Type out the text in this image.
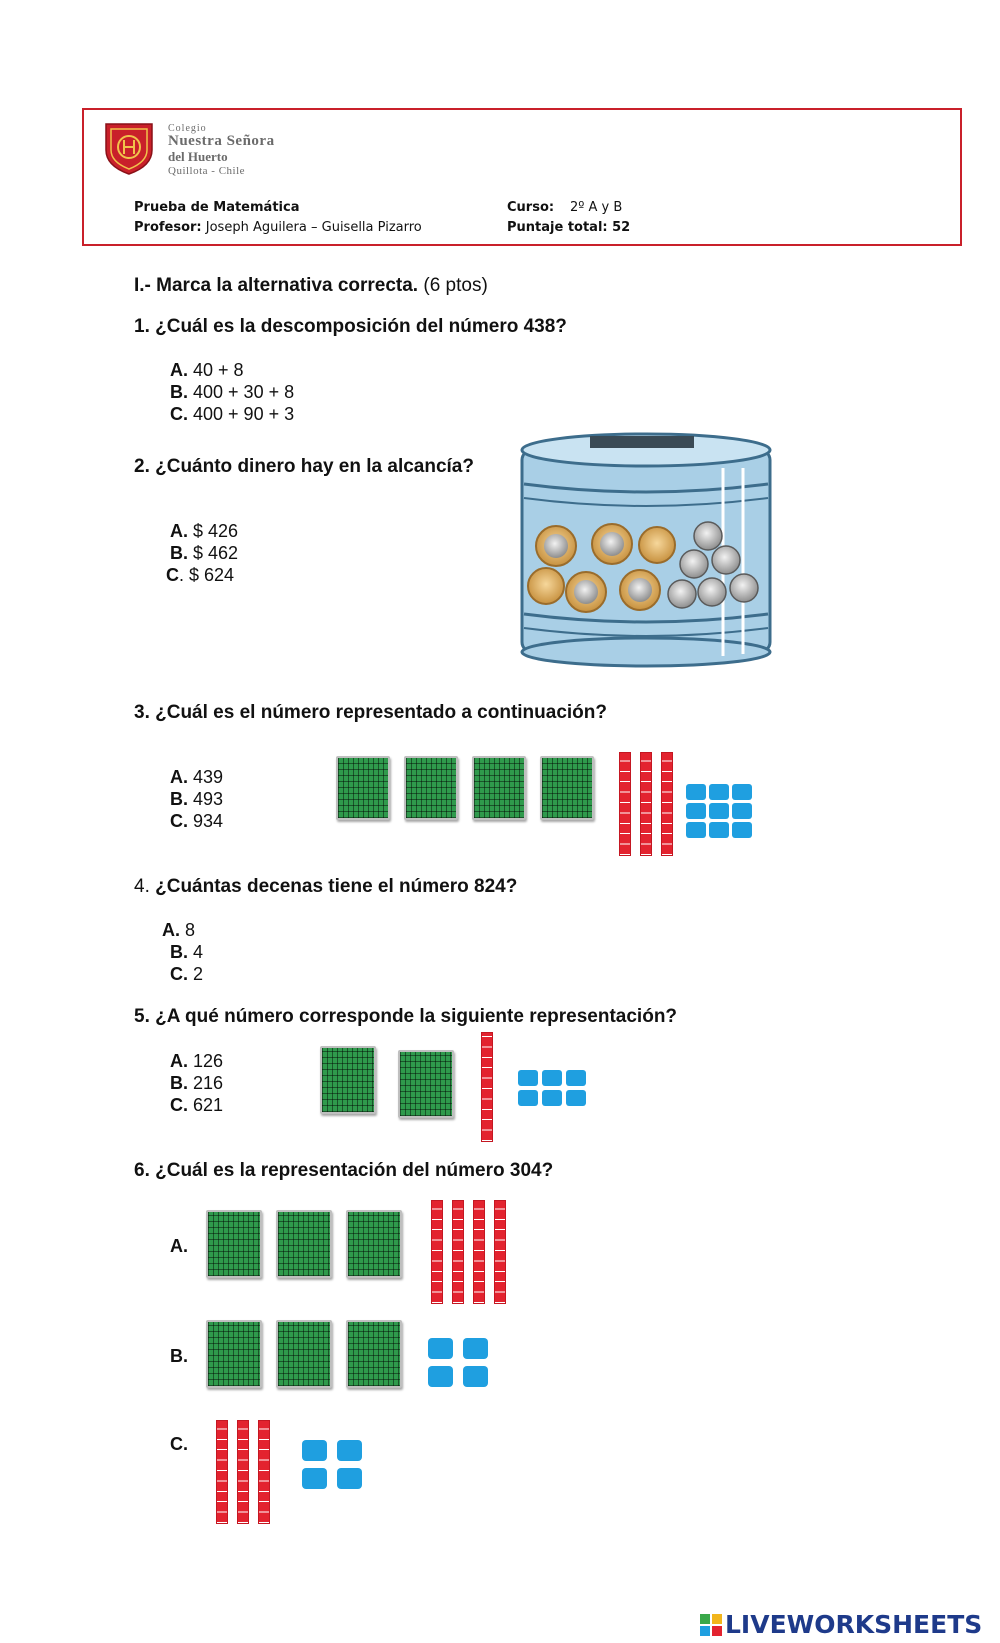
Colegio
Nuestra Señora
del Huerto
Quillota - Chile
Prueba de Matemática
Profesor: Joseph Aguilera – Guisella Pizarro
Curso: 2º A y B
Puntaje total: 52
I.- Marca la alternativa correcta. (6 ptos)
1. ¿Cuál es la descomposición del número 438?
A. 40 + 8
B. 400 + 30 + 8
C. 400 + 90 + 3
2. ¿Cuánto dinero hay en la alcancía?
A. $ 426
B. $ 462
C. $ 624
3. ¿Cuál es el número representado a continuación?
A. 439
B. 493
C. 934
4. ¿Cuántas decenas tiene el número 824?
A. 8
B. 4
C. 2
5. ¿A qué número corresponde la siguiente representación?
A. 126
B. 216
C. 621
6. ¿Cuál es la representación del número 304?
A.
B.
C.
LIVEWORKSHEETS
